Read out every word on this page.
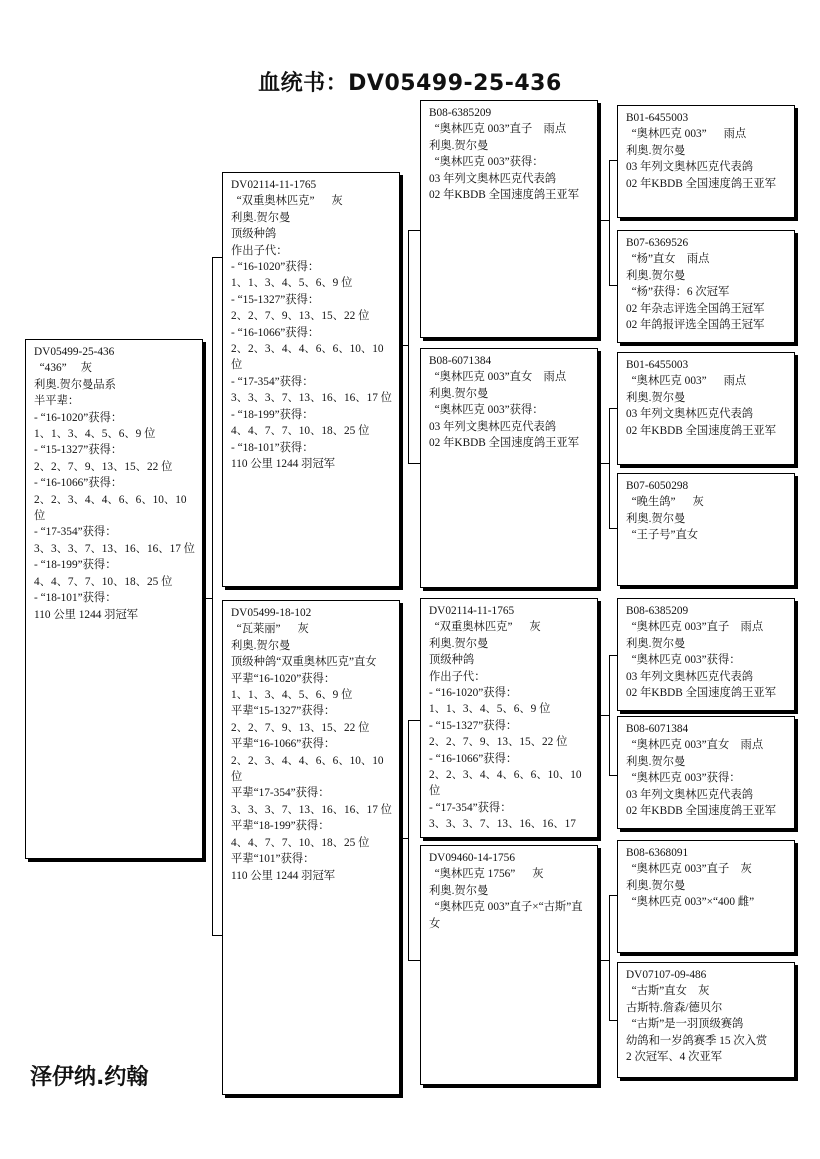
血统书：DV05499-25-436
DV05499-25-436
“436”     灰
利奥.贺尔曼品系
半平辈：
- “16-1020”获得：
1、1、3、4、5、6、9 位
- “15-1327”获得：
2、2、7、9、13、15、22 位
- “16-1066”获得：
2、2、3、4、4、6、6、10、10 位
- “17-354”获得：
3、3、3、7、13、16、16、17 位
- “18-199”获得：
4、4、7、7、10、18、25 位
- “18-101”获得：
110 公里 1244 羽冠军
DV02114-11-1765
“双重奥林匹克”      灰
利奥.贺尔曼
顶级种鸽
作出子代：
- “16-1020”获得：
1、1、3、4、5、6、9 位
- “15-1327”获得：
2、2、7、9、13、15、22 位
- “16-1066”获得：
2、2、3、4、4、6、6、10、10 位
- “17-354”获得：
3、3、3、7、13、16、16、17 位
- “18-199”获得：
4、4、7、7、10、18、25 位
- “18-101”获得：
110 公里 1244 羽冠军
DV05499-18-102
“瓦莱丽”      灰
利奥.贺尔曼
顶级种鸽“双重奥林匹克”直女
平辈“16-1020”获得：
1、1、3、4、5、6、9 位
平辈“15-1327”获得：
2、2、7、9、13、15、22 位
平辈“16-1066”获得：
2、2、3、4、4、6、6、10、10 位
平辈“17-354”获得：
3、3、3、7、13、16、16、17 位
平辈“18-199”获得：
4、4、7、7、10、18、25 位
平辈“101”获得：
110 公里 1244 羽冠军
B08-6385209
“奥林匹克 003”直子    雨点
利奥.贺尔曼
“奥林匹克 003”获得：
03 年列文奥林匹克代表鸽
02 年KBDB 全国速度鸽王亚军
B08-6071384
“奥林匹克 003”直女    雨点
利奥.贺尔曼
“奥林匹克 003”获得：
03 年列文奥林匹克代表鸽
02 年KBDB 全国速度鸽王亚军
DV02114-11-1765
“双重奥林匹克”      灰
利奥.贺尔曼
顶级种鸽
作出子代：
- “16-1020”获得：
1、1、3、4、5、6、9 位
- “15-1327”获得：
2、2、7、9、13、15、22 位
- “16-1066”获得：
2、2、3、4、4、6、6、10、10 位
- “17-354”获得：
3、3、3、7、13、16、16、17
DV09460-14-1756
“奥林匹克 1756”      灰
利奥.贺尔曼
“奥林匹克 003”直子×“古斯”直女
B01-6455003
“奥林匹克 003”      雨点
利奥.贺尔曼
03 年列文奥林匹克代表鸽
02 年KBDB 全国速度鸽王亚军
B07-6369526
“杨”直女    雨点
利奥.贺尔曼
“杨”获得：6 次冠军
02 年杂志评选全国鸽王冠军
02 年鸽报评选全国鸽王冠军
B01-6455003
“奥林匹克 003”      雨点
利奥.贺尔曼
03 年列文奥林匹克代表鸽
02 年KBDB 全国速度鸽王亚军
B07-6050298
“晚生鸽”      灰
利奥.贺尔曼
“王子号”直女
B08-6385209
“奥林匹克 003”直子    雨点
利奥.贺尔曼
“奥林匹克 003”获得：
03 年列文奥林匹克代表鸽
02 年KBDB 全国速度鸽王亚军
B08-6071384
“奥林匹克 003”直女    雨点
利奥.贺尔曼
“奥林匹克 003”获得：
03 年列文奥林匹克代表鸽
02 年KBDB 全国速度鸽王亚军
B08-6368091
“奥林匹克 003”直子    灰
利奥.贺尔曼
“奥林匹克 003”×“400 雌”
DV07107-09-486
“古斯”直女    灰
古斯特.詹森/德贝尔
“古斯”是一羽顶级赛鸽
幼鸽和一岁鸽赛季 15 次入赏
2 次冠军、4 次亚军
泽伊纳.约翰
